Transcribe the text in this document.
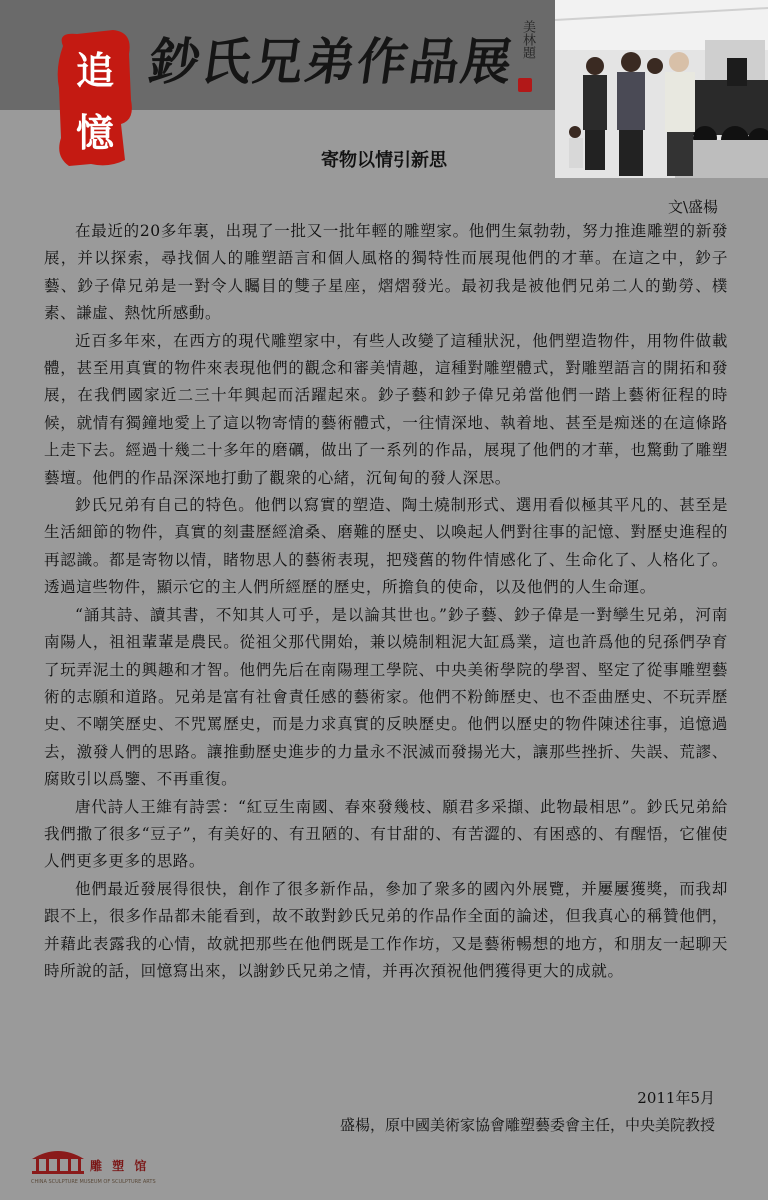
追
憶
鈔氏兄弟作品展 美林題
寄物以情引新思
文\盛楊

在最近的20多年裏，出現了一批又一批年輕的雕塑家。他們生氣勃勃，努力推進雕塑的新發展，并以探索，尋找個人的雕塑語言和個人風格的獨特性而展現他們的才華。在這之中，鈔子藝、鈔子偉兄弟是一對令人矚目的雙子星座，熠熠發光。最初我是被他們兄弟二人的勤勞、樸素、謙虛、熱忱所感動。

近百多年來，在西方的現代雕塑家中，有些人改變了這種狀況，他們塑造物件，用物件做載體，甚至用真實的物件來表現他們的觀念和審美情趣，這種對雕塑體式，對雕塑語言的開拓和發展，在我們國家近二三十年興起而活躍起來。鈔子藝和鈔子偉兄弟當他們一踏上藝術征程的時候，就情有獨鐘地愛上了這以物寄情的藝術體式，一往情深地、執着地、甚至是痴迷的在這條路上走下去。經過十幾二十多年的磨礪，做出了一系列的作品，展現了他們的才華，也驚動了雕塑藝壇。他們的作品深深地打動了觀衆的心緒，沉甸甸的發人深思。

鈔氏兄弟有自己的特色。他們以寫實的塑造、陶土燒制形式、選用看似極其平凡的、甚至是生活細節的物件，真實的刻畫歷經滄桑、磨難的歷史、以喚起人們對往事的記憶、對歷史進程的再認識。都是寄物以情，睹物思人的藝術表現，把殘舊的物件情感化了、生命化了、人格化了。透過這些物件，顯示它的主人們所經歷的歷史，所擔負的使命，以及他們的人生命運。

“誦其詩、讀其書，不知其人可乎，是以論其世也。”鈔子藝、鈔子偉是一對孿生兄弟，河南南陽人，祖祖輩輩是農民。從祖父那代開始，兼以燒制粗泥大缸爲業，這也許爲他的兒孫們孕育了玩弄泥土的興趣和才智。他們先后在南陽理工學院、中央美術學院的學習、堅定了從事雕塑藝術的志願和道路。兄弟是富有社會責任感的藝術家。他們不粉飾歷史、也不歪曲歷史、不玩弄歷史、不嘲笑歷史、不咒罵歷史，而是力求真實的反映歷史。他們以歷史的物件陳述往事，追憶過去，激發人們的思路。讓推動歷史進步的力量永不泯滅而發揚光大，讓那些挫折、失誤、荒謬、腐敗引以爲鑒、不再重復。

唐代詩人王維有詩雲：“紅豆生南國、春來發幾枝、願君多采擷、此物最相思”。鈔氏兄弟給我們撒了很多“豆子”，有美好的、有丑陋的、有甘甜的、有苦澀的、有困惑的、有醒悟，它催使人們更多更多的思路。

他們最近發展得很快，創作了很多新作品，參加了衆多的國內外展覽，并屢屢獲獎，而我却跟不上，很多作品都未能看到，故不敢對鈔氏兄弟的作品作全面的論述，但我真心的稱贊他們，并藉此表露我的心情，故就把那些在他們既是工作作坊，又是藝術暢想的地方，和朋友一起聊天時所說的話，回憶寫出來，以謝鈔氏兄弟之情，并再次預祝他們獲得更大的成就。

2011年5月
盛楊，原中國美術家協會雕塑藝委會主任，中央美院教授
雕 塑 馆
CHINA SCULPTURE MUSEUM OF SCULPTURE ARTS
